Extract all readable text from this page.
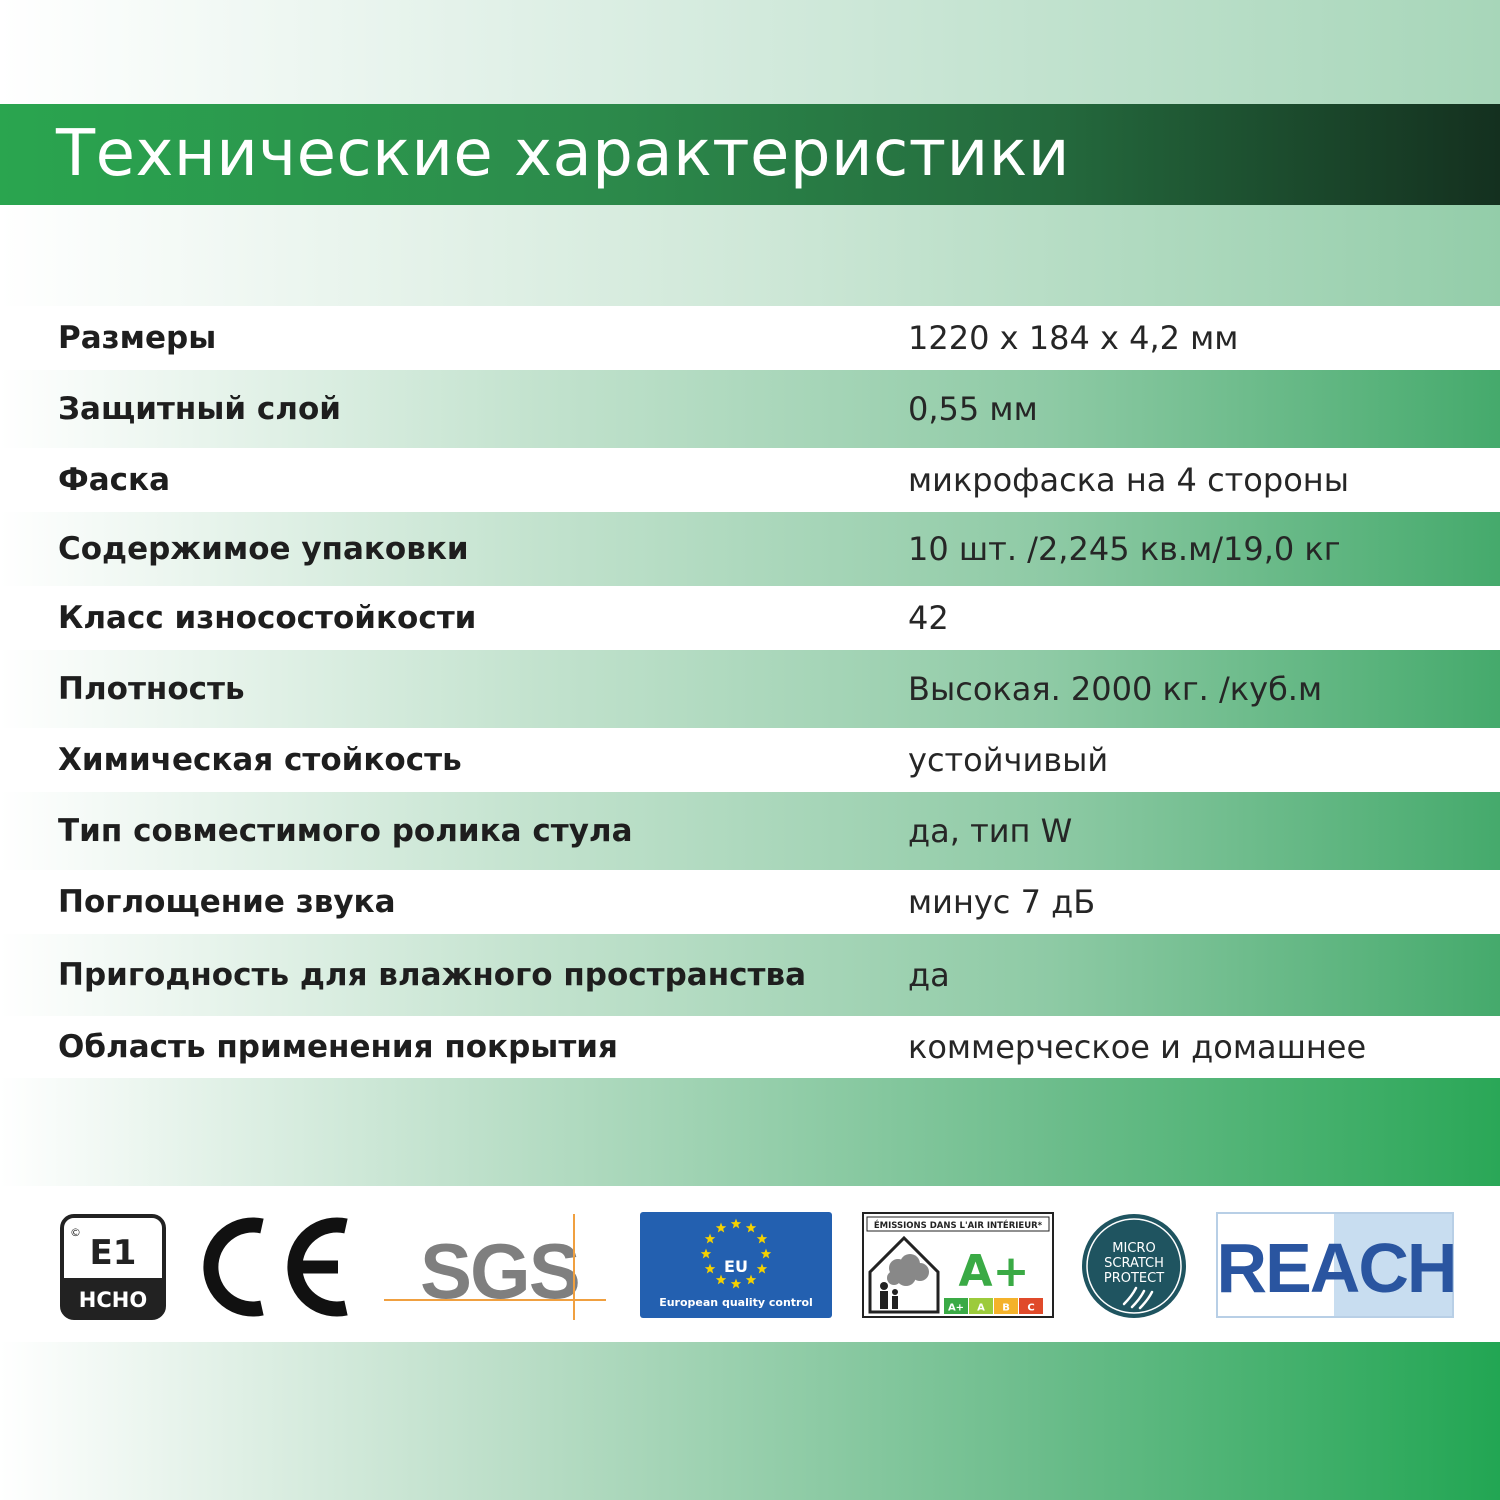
Технические характеристики
Размеры	1220 x 184 x 4,2 мм
Защитный слой	0,55 мм
Фаска	микрофаска на 4 стороны
Содержимое упаковки	10 шт. /2,245 кв.м/19,0 кг
Класс износостойкости	42
Плотность	Высокая. 2000 кг. /куб.м
Химическая стойкость	устойчивый
Тип совместимого ролика стула	да, тип W
Поглощение звука	минус 7 дБ
Пригодность для влажного пространства	да
Область применения покрытия	коммерческое и домашнее
©
E1
HCHO	SGS	EU
European quality control
ÉMISSIONS DANS L'AIR INTÉRIEUR*
A+
A+ A B C
MICRO
SCRATCH
PROTECT REACH
